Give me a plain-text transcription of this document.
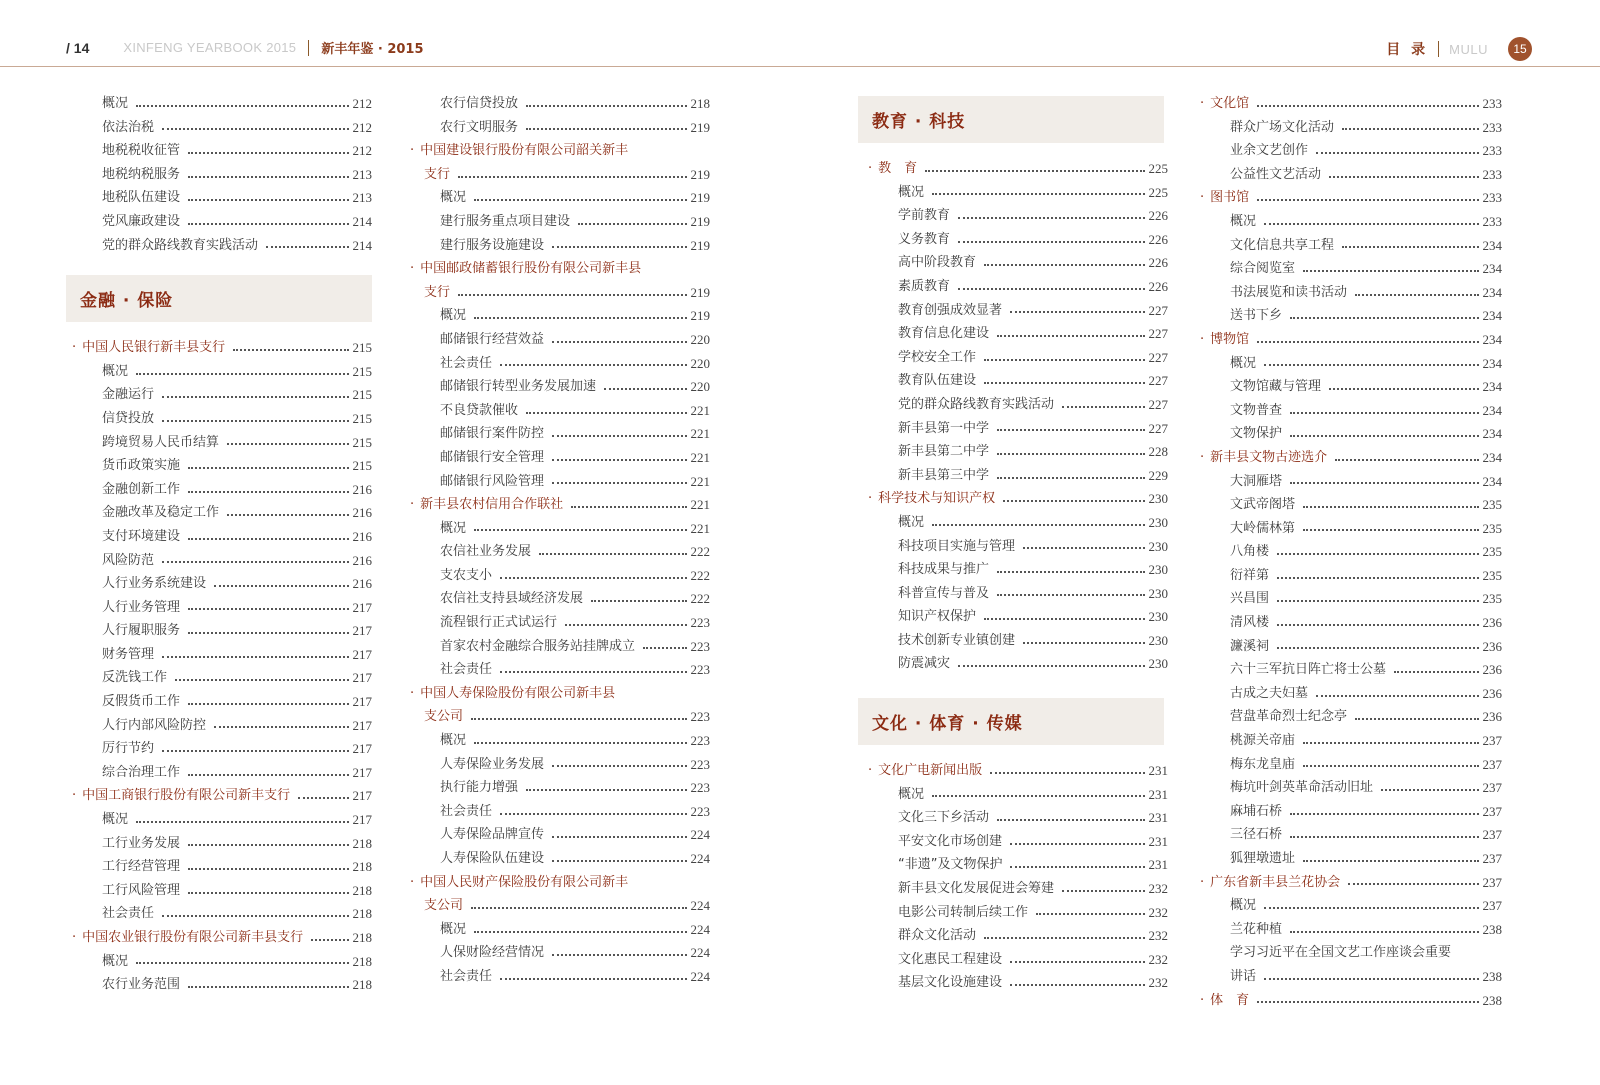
/ 14	XINFENG YEARBOOK 2015 新丰年鉴 · 2015	目 录 MULU	15
概况	212
依法治税	212
地税税收征管	212
地税纳税服务	213
地税队伍建设	213
党风廉政建设	214
党的群众路线教育实践活动	214
金融 · 保险
· 中国人民银行新丰县支行	215
概况	215
金融运行	215
信贷投放	215
跨境贸易人民币结算	215
货币政策实施	215
金融创新工作	216
金融改革及稳定工作	216
支付环境建设	216
风险防范	216
人行业务系统建设	216
人行业务管理	217
人行履职服务	217
财务管理	217
反洗钱工作	217
反假货币工作	217
人行内部风险防控	217
厉行节约	217
综合治理工作	217
· 中国工商银行股份有限公司新丰支行	217
概况	217
工行业务发展	218
工行经营管理	218
工行风险管理	218
社会责任	218
· 中国农业银行股份有限公司新丰县支行	218
概况	218
农行业务范围	218
农行信贷投放	218
农行文明服务	219
· 中国建设银行股份有限公司韶关新丰
支行	219
概况	219
建行服务重点项目建设	219
建行服务设施建设	219
· 中国邮政储蓄银行股份有限公司新丰县
支行	219
概况	219
邮储银行经营效益	220
社会责任	220
邮储银行转型业务发展加速	220
不良贷款催收	221
邮储银行案件防控	221
邮储银行安全管理	221
邮储银行风险管理	221
· 新丰县农村信用合作联社	221
概况	221
农信社业务发展	222
支农支小	222
农信社支持县域经济发展	222
流程银行正式试运行	223
首家农村金融综合服务站挂牌成立	223
社会责任	223
· 中国人寿保险股份有限公司新丰县
支公司	223
概况	223
人寿保险业务发展	223
执行能力增强	223
社会责任	223
人寿保险品牌宣传	224
人寿保险队伍建设	224
· 中国人民财产保险股份有限公司新丰
支公司	224
概况	224
人保财险经营情况	224
社会责任	224
教育 · 科技
· 教　育	225
概况	225
学前教育	226
义务教育	226
高中阶段教育	226
素质教育	226
教育创强成效显著	227
教育信息化建设	227
学校安全工作	227
教育队伍建设	227
党的群众路线教育实践活动	227
新丰县第一中学	227
新丰县第二中学	228
新丰县第三中学	229
· 科学技术与知识产权	230
概况	230
科技项目实施与管理	230
科技成果与推广	230
科普宣传与普及	230
知识产权保护	230
技术创新专业镇创建	230
防震减灾	230
文化 · 体育 · 传媒
· 文化广电新闻出版	231
概况	231
文化三下乡活动	231
平安文化市场创建	231
“非遗”及文物保护	231
新丰县文化发展促进会筹建	232
电影公司转制后续工作	232
群众文化活动	232
文化惠民工程建设	232
基层文化设施建设	232
· 文化馆	233
群众广场文化活动	233
业余文艺创作	233
公益性文艺活动	233
· 图书馆	233
概况	233
文化信息共享工程	234
综合阅览室	234
书法展览和读书活动	234
送书下乡	234
· 博物馆	234
概况	234
文物馆藏与管理	234
文物普查	234
文物保护	234
· 新丰县文物古迹选介	234
大洞雁塔	234
文武帝阁塔	235
大岭儒林第	235
八角楼	235
衍祥第	235
兴昌围	235
清风楼	236
濂溪祠	236
六十三军抗日阵亡将士公墓	236
古成之夫妇墓	236
营盘革命烈士纪念亭	236
桃源关帝庙	237
梅东龙皇庙	237
梅坑叶剑英革命活动旧址	237
麻埔石桥	237
三径石桥	237
狐狸墩遗址	237
· 广东省新丰县兰花协会	237
概况	237
兰花种植	238
学习习近平在全国文艺工作座谈会重要
讲话	238
· 体　育	238
